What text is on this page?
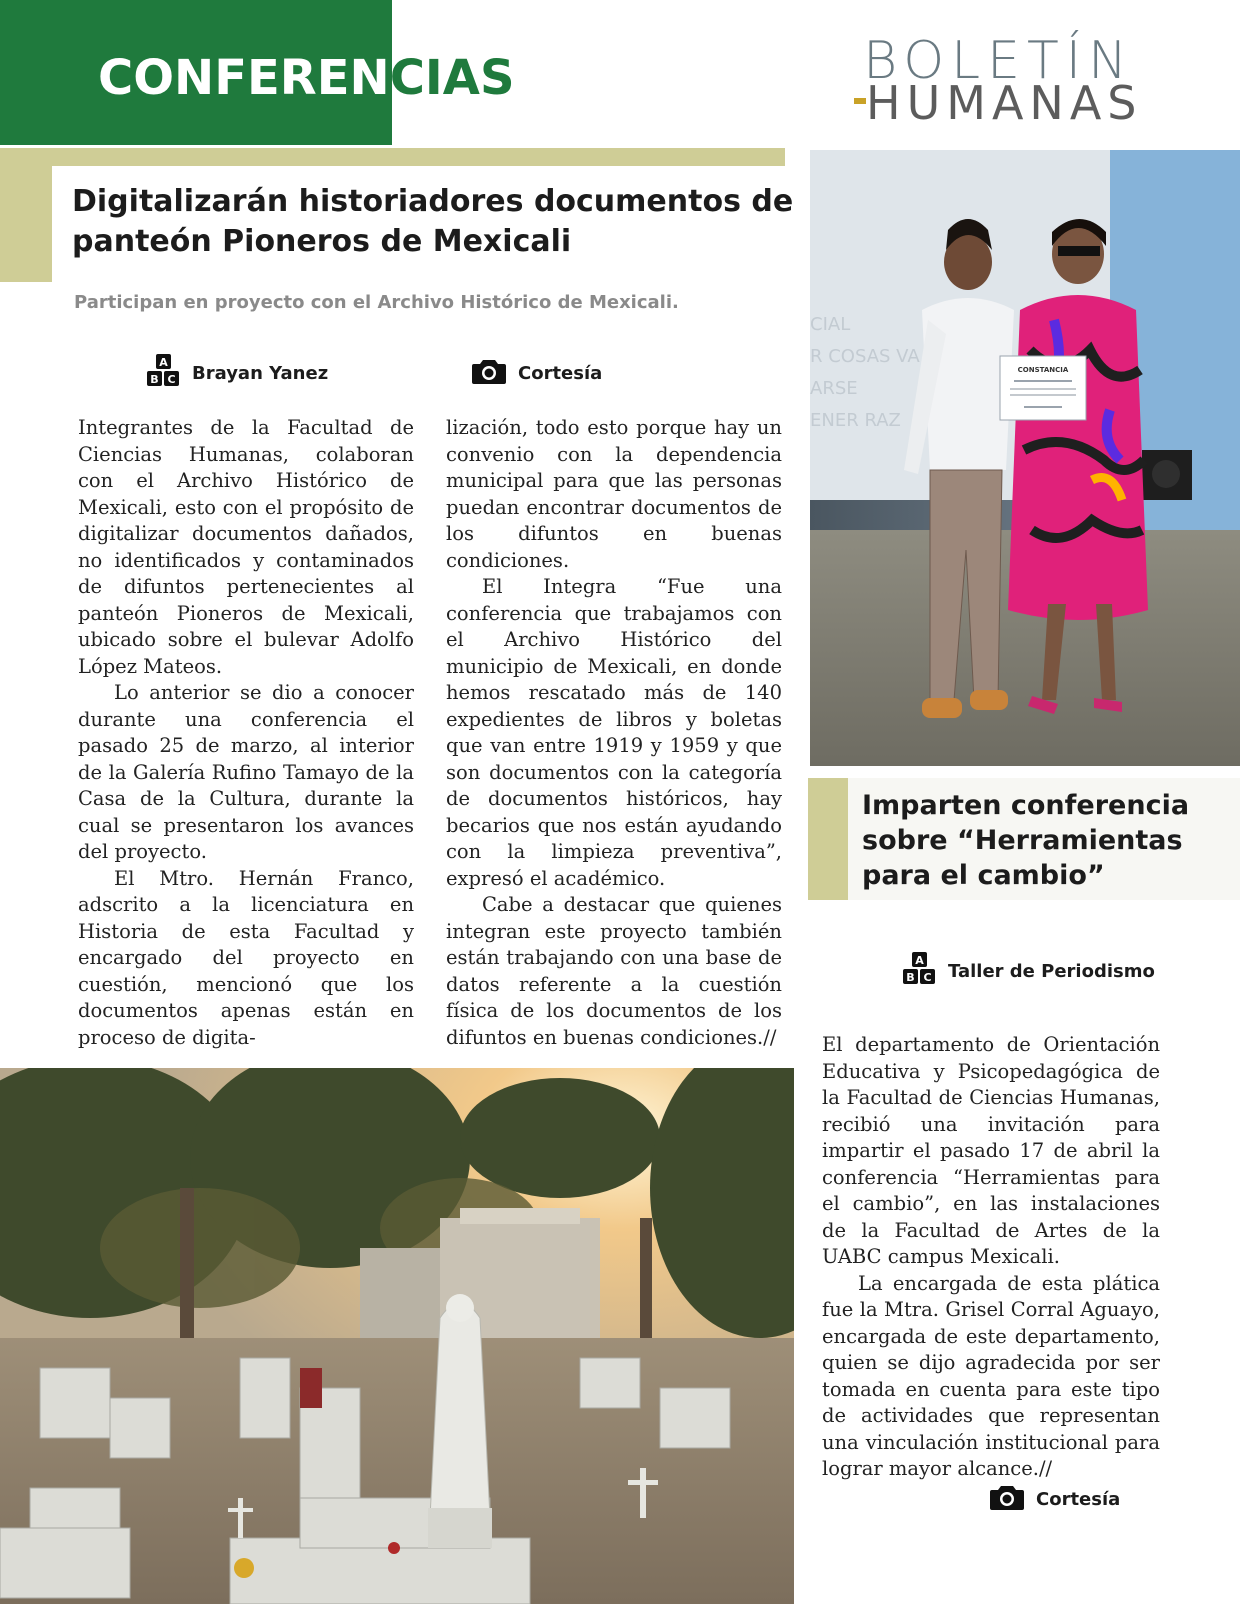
CONFERENCIAS	BOLETÍN
HUMANAS
Digitalizarán historiadores documentos de panteón Pioneros de Mexicali

Participan en proyecto con el Archivo Histórico de Mexicali.

A
B C Brayan Yanez	Cortesía

Integrantes de la Facultad de Ciencias Humanas, colaboran con el Archivo Histórico de Mexicali, esto con el propósito de digitalizar documentos dañados, no identificados y contaminados de difuntos pertenecientes al panteón Pioneros de Mexicali, ubicado sobre el bulevar Adolfo López Mateos.

Lo anterior se dio a conocer durante una conferencia el pasado 25 de marzo, al interior de la Galería Rufino Tamayo de la Casa de la Cultura, durante la cual se presentaron los avances del proyecto.

El Mtro. Hernán Franco, adscrito a la licenciatura en Historia de esta Facultad y encargado del proyecto en cuestión, mencionó que los documentos apenas están en proceso de digita-

lización, todo esto porque hay un convenio con la dependencia municipal para que las personas puedan encontrar documentos de los difuntos en buenas condiciones.

El Integra “Fue una conferencia que trabajamos con el Archivo Histórico del municipio de Mexicali, en donde hemos rescatado más de 140 expedientes de libros y boletas que van entre 1919 y 1959 y que son documentos con la categoría de documentos históricos, hay becarios que nos están ayudando con la limpieza preventiva”, expresó el académico.

Cabe a destacar que quienes integran este proyecto también están trabajando con una base de datos referente a la cuestión física de los documentos de los difuntos en buenas condiciones.//

CIAL
R COSAS VA
ARSE
ENER RAZ
CONSTANCIA
Imparten conferencia sobre “Herramientas para el cambio”
A
B C Taller de Periodismo

El departamento de Orientación Educativa y Psicopedagógica de la Facultad de Ciencias Humanas, recibió una invitación para impartir el pasado 17 de abril la conferencia “Herramientas para el cambio”, en las instalaciones de la Facultad de Artes de la UABC campus Mexicali.

La encargada de esta plática fue la Mtra. Grisel Corral Aguayo, encargada de este departamento, quien se dijo agradecida por ser tomada en cuenta para este tipo de actividades que representan una vinculación institucional para lograr mayor alcance.//

Cortesía
